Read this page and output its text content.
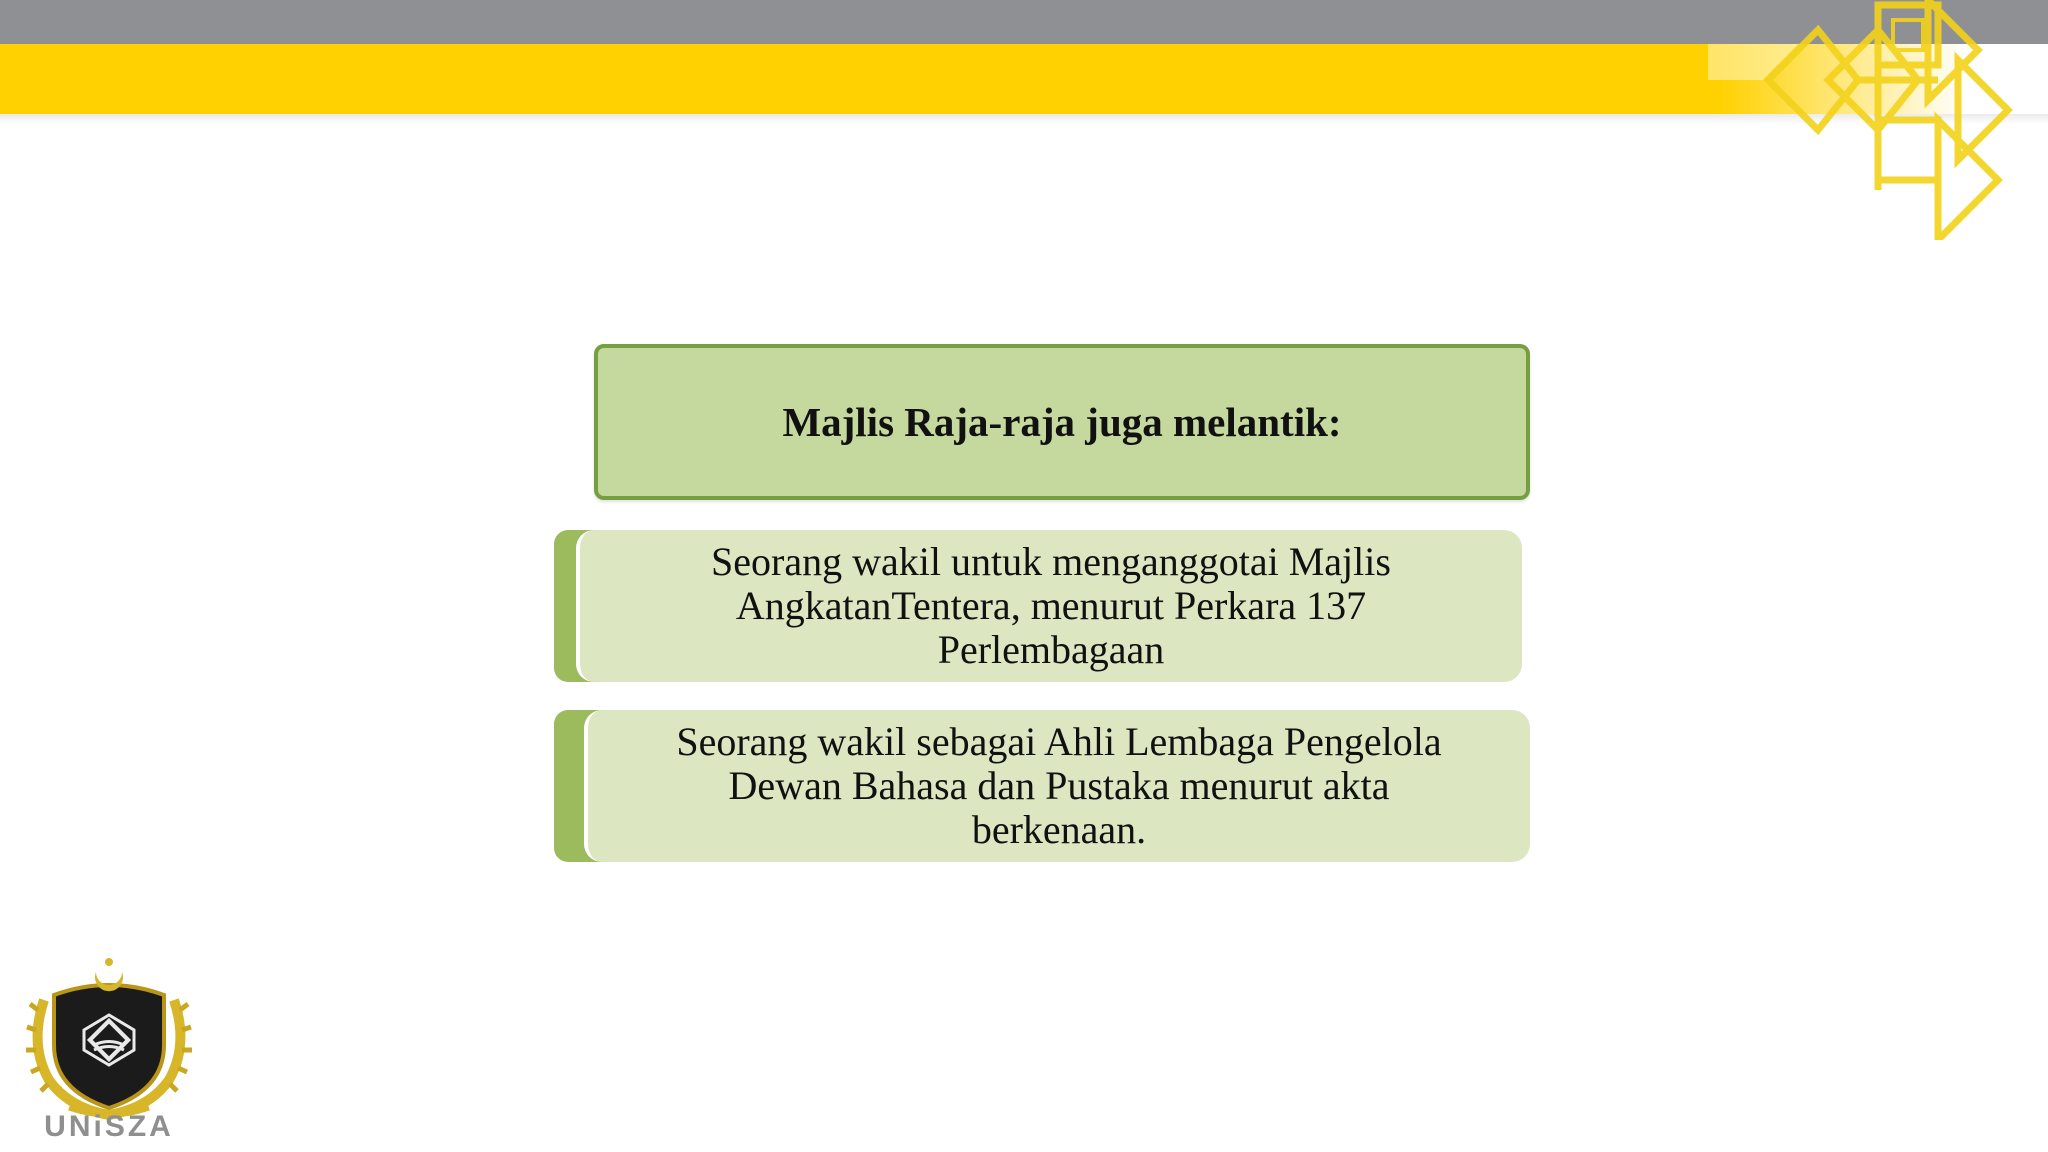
Majlis Raja-raja juga melantik:
Seorang wakil untuk menganggotai Majlis
AngkatanTentera, menurut Perkara 137
Perlembagaan
Seorang wakil sebagai Ahli Lembaga Pengelola
Dewan Bahasa dan Pustaka menurut akta
berkenaan.
UNiSZA
